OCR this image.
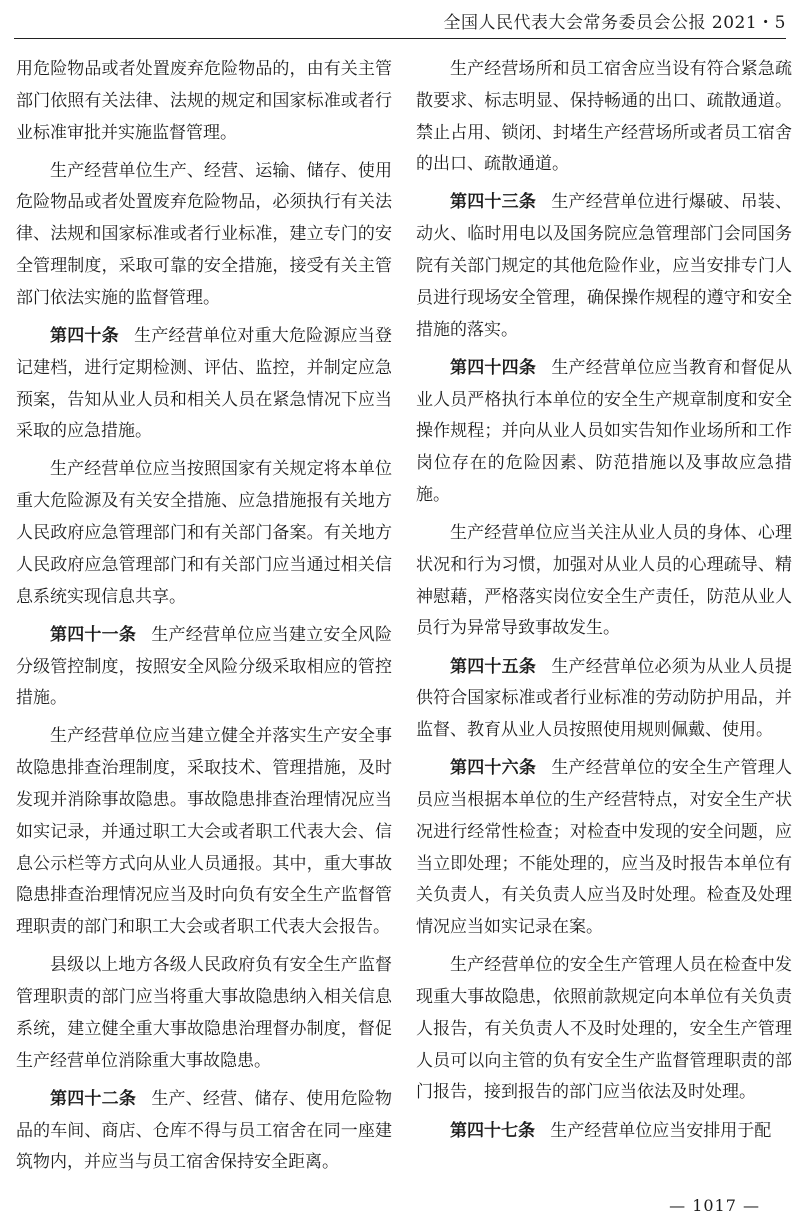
全国人民代表大会常务委员会公报 2021・5

用危险物品或者处置废弃危险物品的，由有关主管部门依照有关法律、法规的规定和国家标准或者行业标准审批并实施监督管理。

生产经营单位生产、经营、运输、储存、使用危险物品或者处置废弃危险物品，必须执行有关法律、法规和国家标准或者行业标准，建立专门的安全管理制度，采取可靠的安全措施，接受有关主管部门依法实施的监督管理。

第四十条 生产经营单位对重大危险源应当登记建档，进行定期检测、评估、监控，并制定应急预案，告知从业人员和相关人员在紧急情况下应当采取的应急措施。

生产经营单位应当按照国家有关规定将本单位重大危险源及有关安全措施、应急措施报有关地方人民政府应急管理部门和有关部门备案。有关地方人民政府应急管理部门和有关部门应当通过相关信息系统实现信息共享。

第四十一条 生产经营单位应当建立安全风险分级管控制度，按照安全风险分级采取相应的管控措施。

生产经营单位应当建立健全并落实生产安全事故隐患排查治理制度，采取技术、管理措施，及时发现并消除事故隐患。事故隐患排查治理情况应当如实记录，并通过职工大会或者职工代表大会、信息公示栏等方式向从业人员通报。其中，重大事故隐患排查治理情况应当及时向负有安全生产监督管理职责的部门和职工大会或者职工代表大会报告。

县级以上地方各级人民政府负有安全生产监督管理职责的部门应当将重大事故隐患纳入相关信息系统，建立健全重大事故隐患治理督办制度，督促生产经营单位消除重大事故隐患。

第四十二条 生产、经营、储存、使用危险物品的车间、商店、仓库不得与员工宿舍在同一座建筑物内，并应当与员工宿舍保持安全距离。

生产经营场所和员工宿舍应当设有符合紧急疏散要求、标志明显、保持畅通的出口、疏散通道。禁止占用、锁闭、封堵生产经营场所或者员工宿舍的出口、疏散通道。

第四十三条 生产经营单位进行爆破、吊装、动火、临时用电以及国务院应急管理部门会同国务院有关部门规定的其他危险作业，应当安排专门人员进行现场安全管理，确保操作规程的遵守和安全措施的落实。

第四十四条 生产经营单位应当教育和督促从业人员严格执行本单位的安全生产规章制度和安全操作规程；并向从业人员如实告知作业场所和工作岗位存在的危险因素、防范措施以及事故应急措施。

生产经营单位应当关注从业人员的身体、心理状况和行为习惯，加强对从业人员的心理疏导、精神慰藉，严格落实岗位安全生产责任，防范从业人员行为异常导致事故发生。

第四十五条 生产经营单位必须为从业人员提供符合国家标准或者行业标准的劳动防护用品，并监督、教育从业人员按照使用规则佩戴、使用。

第四十六条 生产经营单位的安全生产管理人员应当根据本单位的生产经营特点，对安全生产状况进行经常性检查；对检查中发现的安全问题，应当立即处理；不能处理的，应当及时报告本单位有关负责人，有关负责人应当及时处理。检查及处理情况应当如实记录在案。

生产经营单位的安全生产管理人员在检查中发现重大事故隐患，依照前款规定向本单位有关负责人报告，有关负责人不及时处理的，安全生产管理人员可以向主管的负有安全生产监督管理职责的部门报告，接到报告的部门应当依法及时处理。

第四十七条 生产经营单位应当安排用于配

— 1017 —
